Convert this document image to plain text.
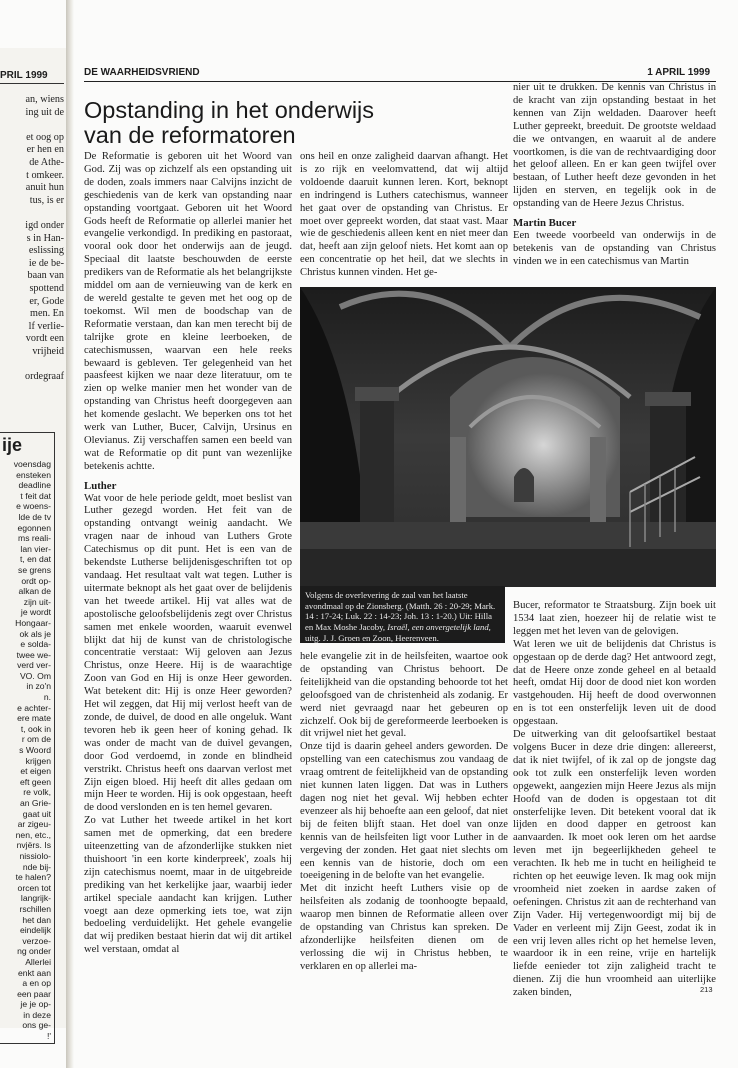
PRIL 1999
an, wiens
ing uit de

et oog op
er hen en
de Athe-
t omkeer.
anuit hun
tus, is er

igd onder
s in Han-
eslissing
ie de be-
baan van
spottend
er, Gode
men. En
lf verlie-
vordt een
vrijheid

ordegraaf
ije
voensdag
ensteken
deadline
t feit dat
e woens-
lde de tv
egonnen
ms reali-
lan vier-
t, en dat
se grens
ordt op-
alkan de
zijn uit-
je wordt
Hongaar-
ok als je
e solda-
twee we-
verd ver-
VO. Om
in zo'n
n.
e achter-
ere mate
t, ook in
r om de
s Woord
krijgen
et eigen
eft geen
re volk,
an Grie-
gaat uit
ar zigeu-
nen, etc.,
nvjërs. Is
nissiolo-
nde bij-
te halen?
orcen tot
langrijk-
rschillen
het dan
eindelijk
verzoe-
ng onder
Allerlei
enkt aan
a en op
een paar
je je op-
in deze
ons ge-
!'
DE WAARHEIDSVRIEND	1 APRIL 1999
Opstanding in het onderwijs van de reformatoren

De Reformatie is geboren uit het Woord van God. Zij was op zichzelf als een opstanding uit de doden, zoals immers naar Calvijns inzicht de geschiedenis van de kerk van opstanding naar opstanding voortgaat. Geboren uit het Woord Gods heeft de Reformatie op allerlei manier het evangelie verkondigd. In prediking en pastoraat, vooral ook door het onderwijs aan de jeugd. Speciaal dit laatste beschouwden de eerste predikers van de Reformatie als het belangrijkste middel om aan de vernieuwing van de kerk en de wereld gestalte te geven met het oog op de toekomst. Wil men de boodschap van de Reformatie verstaan, dan kan men terecht bij de talrijke grote en kleine leerboeken, de catechismussen, waarvan een hele reeks bewaard is gebleven. Ter gelegenheid van het paasfeest kijken we naar deze literatuur, om te zien op welke manier men het wonder van de opstanding van Christus heeft doorgegeven aan het komende geslacht. We beperken ons tot het werk van Luther, Bucer, Calvijn, Ursinus en Olevianus. Zij verschaffen samen een beeld van wat de Reformatie op dit punt van wezenlijke betekenis achtte.

Luther

Wat voor de hele periode geldt, moet beslist van Luther gezegd worden. Het feit van de opstanding ontvangt weinig aandacht. We vragen naar de inhoud van Luthers Grote Catechismus op dit punt. Het is een van de bekendste Lutherse belijdenisgeschriften tot op vandaag. Het resultaat valt wat tegen. Luther is uitermate beknopt als het gaat over de belijdenis van het tweede artikel. Hij vat alles wat de apostolische geloofsbelijdenis zegt over Christus samen met enkele woorden, waaruit evenwel blijkt dat hij de kunst van de christologische concentratie verstaat: Wij geloven aan Jezus Christus, onze Heere. Hij is de waarachtige Zoon van God en Hij is onze Heer geworden. Wat betekent dit: Hij is onze Heer geworden? Het wil zeggen, dat Hij mij verlost heeft van de zonde, de duivel, de dood en alle ongeluk. Want tevoren heb ik geen heer of koning gehad. Ik was onder de macht van de duivel gevangen, door God verdoemd, in zonde en blindheid verstrikt. Christus heeft ons daarvan verlost met Zijn eigen bloed. Hij heeft dit alles gedaan om mijn Heer te worden. Hij is ook opgestaan, heeft de dood verslonden en is ten hemel gevaren.

Zo vat Luther het tweede artikel in het kort samen met de opmerking, dat een bredere uiteenzetting van de afzonderlijke stukken niet thuishoort 'in een korte kinderpreek', zoals hij zijn catechismus noemt, maar in de uitgebreide prediking van het kerkelijke jaar, waarbij ieder artikel speciale aandacht kan krijgen. Luther voegt aan deze opmerking iets toe, wat zijn bedoeling verduidelijkt. Het gehele evangelie dat wij prediken bestaat hierin dat wij dit artikel wel verstaan, omdat al

ons heil en onze zaligheid daarvan afhangt. Het is zo rijk en veelomvattend, dat wij altijd voldoende daaruit kunnen leren. Kort, beknopt en indringend is Luthers catechismus, wanneer het gaat over de opstanding van Christus. Er moet over gepreekt worden, dat staat vast. Maar wie de geschiedenis alleen kent en niet meer dan dat, heeft aan zijn geloof niets. Het komt aan op een concentratie op het heil, dat we slechts in Christus kunnen vinden. Het ge-

Volgens de overlevering de zaal van het laatste avondmaal op de Zionsberg. (Matth. 26 : 20-29; Mark. 14 : 17-24; Luk. 22 : 14-23; Joh. 13 : 1-20.) Uit: Hilla en Max Moshe Jacoby, Israël, een onvergetelijk land, uitg. J. J. Groen en Zoon, Heerenveen.

hele evangelie zit in de heilsfeiten, waartoe ook de opstanding van Christus behoort. De feitelijkheid van die opstanding behoorde tot het geloofsgoed van de christenheid als zodanig. Er werd niet gevraagd naar het gebeuren op zichzelf. Ook bij de gereformeerde leerboeken is dit vrijwel niet het geval.

Onze tijd is daarin geheel anders geworden. De opstelling van een catechismus zou vandaag de vraag omtrent de feitelijkheid van de opstanding niet kunnen laten liggen. Dat was in Luthers dagen nog niet het geval. Wij hebben echter evenzeer als hij behoefte aan een geloof, dat niet bij de feiten blijft staan. Het doel van onze kennis van de heilsfeiten ligt voor Luther in de vergeving der zonden. Het gaat niet slechts om een kennis van de historie, doch om een toeeigening in de belofte van het evangelie.

Met dit inzicht heeft Luthers visie op de heilsfeiten als zodanig de toonhoogte bepaald, waarop men binnen de Reformatie alleen over de opstanding van Christus kan spreken. De afzonderlijke heilsfeiten dienen om de verlossing die wij in Christus hebben, te verklaren en op allerlei ma-

nier uit te drukken. De kennis van Christus in de kracht van zijn opstanding bestaat in het kennen van Zijn weldaden. Daarover heeft Luther gepreekt, breeduit. De grootste weldaad die we ontvangen, en waaruit al de andere voortkomen, is die van de rechtvaardiging door het geloof alleen. En er kan geen twijfel over bestaan, of Luther heeft deze gevonden in het lijden en sterven, en tegelijk ook in de opstanding van de Heere Jezus Christus.

Martin Bucer

Een tweede voorbeeld van onderwijs in de betekenis van de opstanding van Christus vinden we in een catechismus van Martin

Bucer, reformator te Straatsburg. Zijn boek uit 1534 laat zien, hoezeer hij de relatie wist te leggen met het leven van de gelovigen.

Wat leren we uit de belijdenis dat Christus is opgestaan op de derde dag? Het antwoord zegt, dat de Heere onze zonde geheel en al betaald heeft, omdat Hij door de dood niet kon worden vastgehouden. Hij heeft de dood overwonnen en is tot een onsterfelijk leven uit de dood opgestaan.

De uitwerking van dit geloofsartikel bestaat volgens Bucer in deze drie dingen: allereerst, dat ik niet twijfel, of ik zal op de jongste dag ook tot zulk een onsterfelijk leven worden opgewekt, aangezien mijn Heere Jezus als mijn Hoofd van de doden is opgestaan tot dit onsterfelijke leven. Dit betekent vooral dat ik lijden en dood dapper en getroost kan aanvaarden. Ik moet ook leren om het aardse leven met ijn begeerlijkheden geheel te verachten. Ik heb me in tucht en heiligheid te richten op het eeuwige leven. Ik mag ook mijn vroomheid niet zoeken in aardse zaken of oefeningen. Christus zit aan de rechterhand van Zijn Vader. Hij vertegenwoordigt mij bij de Vader en verleent mij Zijn Geest, zodat ik in een vrij leven alles richt op het hemelse leven, waardoor ik in een reine, vrije en hartelijk liefde eenieder tot zijn zaligheid tracht te dienen. Zij die hun vroomheid aan uiterlijke zaken binden,	213
